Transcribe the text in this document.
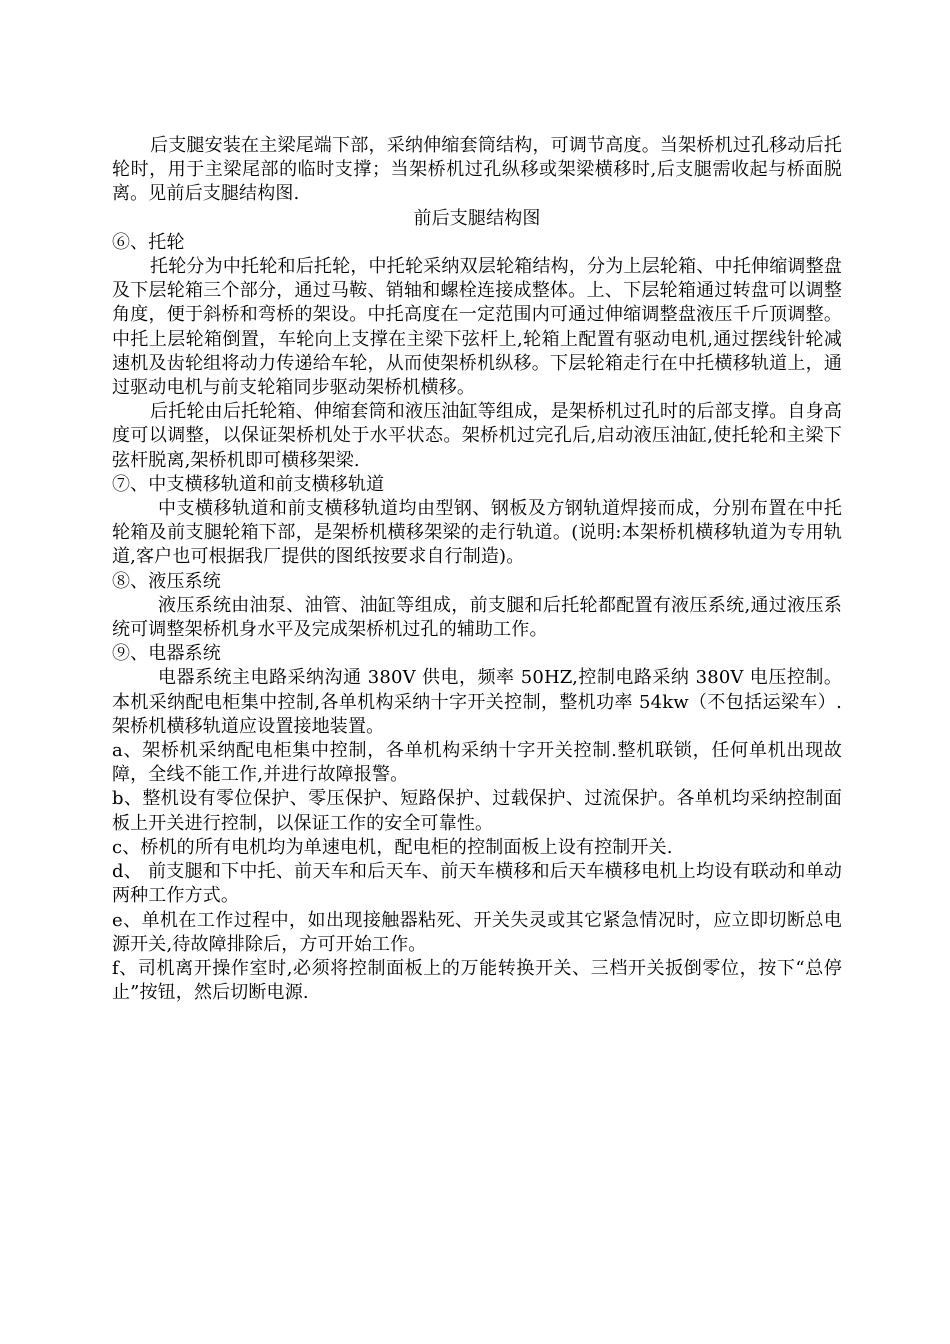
后支腿安装在主梁尾端下部，采纳伸缩套筒结构，可调节高度。当架桥机过孔移动后托轮时，用于主梁尾部的临时支撑；当架桥机过孔纵移或架梁横移时,后支腿需收起与桥面脱离。见前后支腿结构图.

前后支腿结构图

⑥、托轮

托轮分为中托轮和后托轮，中托轮采纳双层轮箱结构，分为上层轮箱、中托伸缩调整盘及下层轮箱三个部分，通过马鞍、销轴和螺栓连接成整体。上、下层轮箱通过转盘可以调整角度，便于斜桥和弯桥的架设。中托高度在一定范围内可通过伸缩调整盘液压千斤顶调整。中托上层轮箱倒置，车轮向上支撑在主梁下弦杆上,轮箱上配置有驱动电机,通过摆线针轮减速机及齿轮组将动力传递给车轮，从而使架桥机纵移。下层轮箱走行在中托横移轨道上，通过驱动电机与前支轮箱同步驱动架桥机横移。

后托轮由后托轮箱、伸缩套筒和液压油缸等组成，是架桥机过孔时的后部支撑。自身高度可以调整，以保证架桥机处于水平状态。架桥机过完孔后,启动液压油缸,使托轮和主梁下弦杆脱离,架桥机即可横移架梁.

⑦、中支横移轨道和前支横移轨道

中支横移轨道和前支横移轨道均由型钢、钢板及方钢轨道焊接而成，分别布置在中托轮箱及前支腿轮箱下部，是架桥机横移架梁的走行轨道。(说明:本架桥机横移轨道为专用轨道,客户也可根据我厂提供的图纸按要求自行制造)。

⑧、液压系统

液压系统由油泵、油管、油缸等组成，前支腿和后托轮都配置有液压系统,通过液压系统可调整架桥机身水平及完成架桥机过孔的辅助工作。

⑨、电器系统

电器系统主电路采纳沟通 380V 供电，频率 50HZ,控制电路采纳 380V 电压控制。本机采纳配电柜集中控制,各单机构采纳十字开关控制，整机功率 54kw（不包括运梁车）.架桥机横移轨道应设置接地装置。

a、架桥机采纳配电柜集中控制，各单机构采纳十字开关控制.整机联锁，任何单机出现故障，全线不能工作,并进行故障报警。

b、整机设有零位保护、零压保护、短路保护、过载保护、过流保护。各单机均采纳控制面板上开关进行控制，以保证工作的安全可靠性。

c、桥机的所有电机均为单速电机，配电柜的控制面板上设有控制开关.

d、 前支腿和下中托、前天车和后天车、前天车横移和后天车横移电机上均设有联动和单动两种工作方式。

e、单机在工作过程中，如出现接触器粘死、开关失灵或其它紧急情况时，应立即切断总电源开关,待故障排除后，方可开始工作。

f、司机离开操作室时,必须将控制面板上的万能转换开关、三档开关扳倒零位，按下“总停止”按钮，然后切断电源.
